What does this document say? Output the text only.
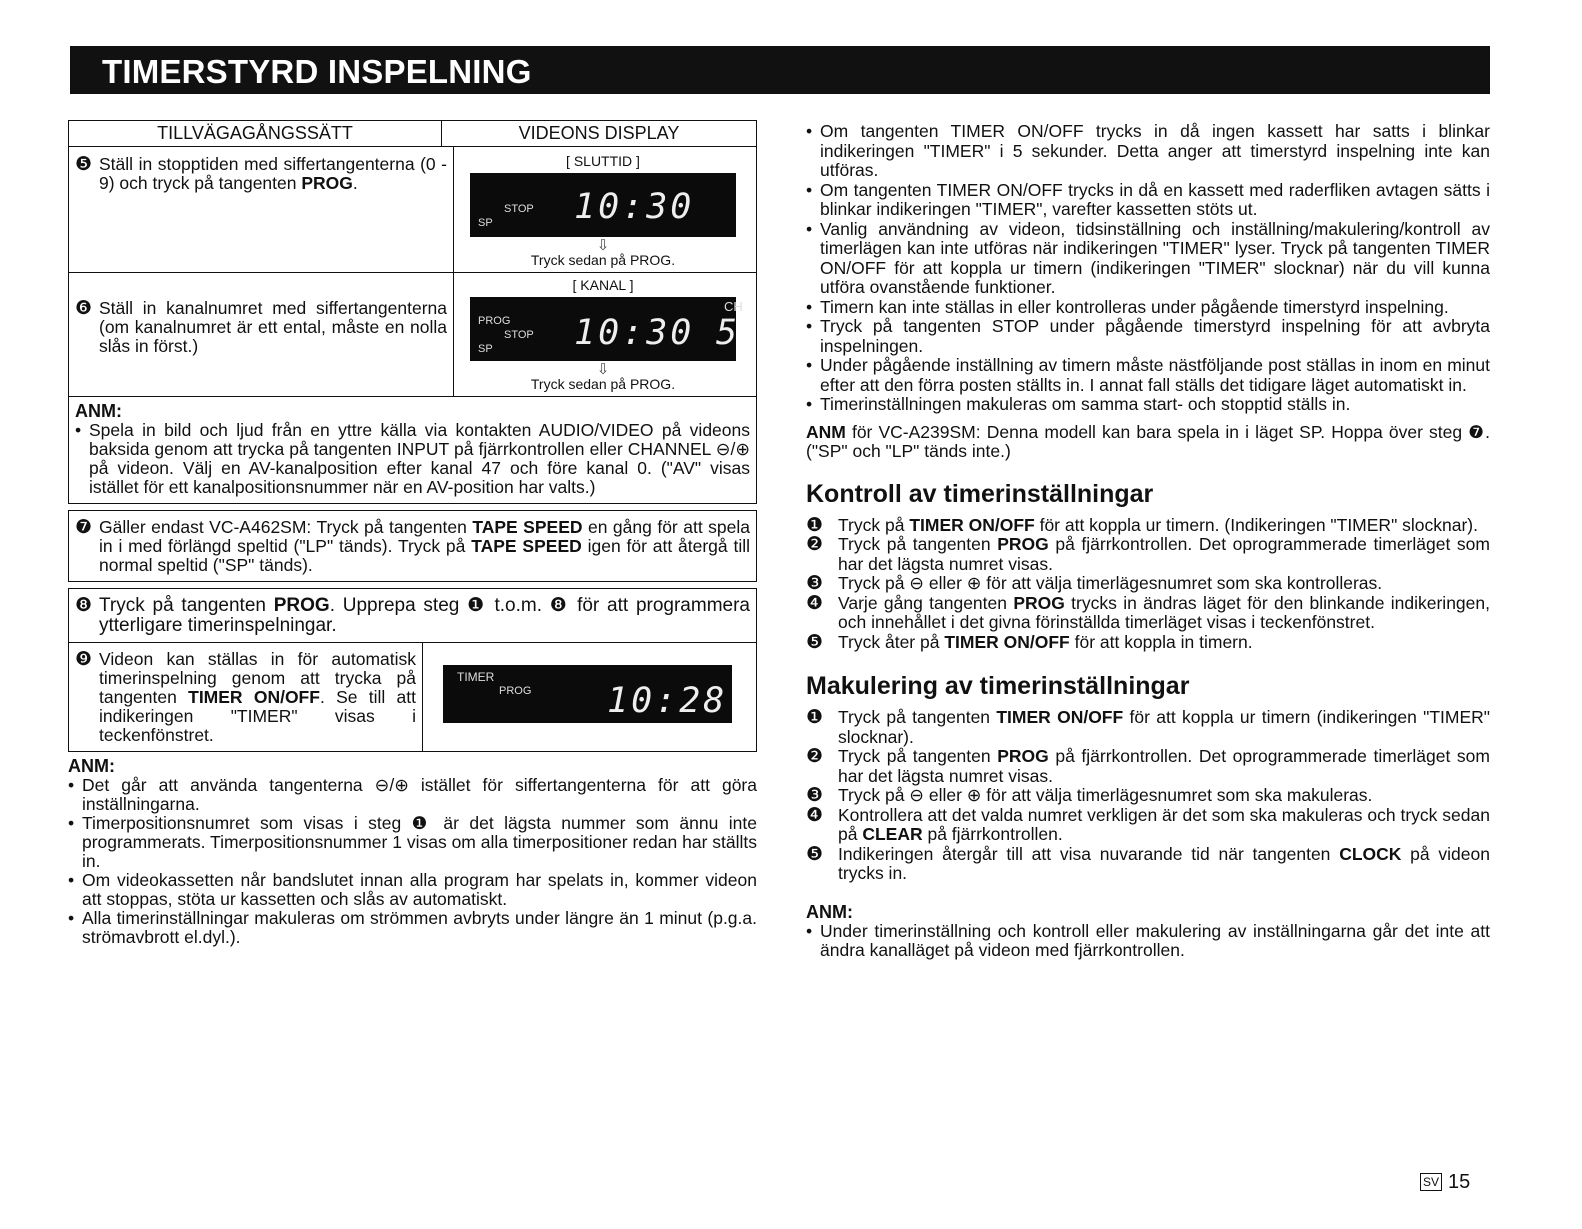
TIMERSTYRD INSPELNING
TILLVÄGAGÅNGSSÄTT	VIDEONS DISPLAY
❺ Ställ in stopptiden med siffertangenterna (0 - 9) och tryck på tangenten PROG.
[ SLUTTID ]
STOP
SP 10:30
⇩
Tryck sedan på PROG.
❻ Ställ in kanalnumret med siffertangenterna (om kanalnumret är ett ental, måste en nolla slås in först.)
[ KANAL ]
PROG
STOP
SP 10:30
CH
5
⇩
Tryck sedan på PROG.
ANM:
• Spela in bild och ljud från en yttre källa via kontakten AUDIO/VIDEO på videons baksida genom att trycka på tangenten INPUT på fjärrkontrollen eller CHANNEL ⊖/⊕ på videon. Välj en AV-kanalposition efter kanal 47 och före kanal 0. ("AV" visas istället för ett kanalpositionsnummer när en AV-position har valts.)
❼ Gäller endast VC-A462SM: Tryck på tangenten TAPE SPEED en gång för att spela in i med förlängd speltid ("LP" tänds). Tryck på TAPE SPEED igen för att återgå till normal speltid ("SP" tänds).
❽ Tryck på tangenten PROG. Upprepa steg ❶ t.o.m. ❽ för att programmera ytterligare timerinspelningar.
❾ Videon kan ställas in för automatisk timerinspelning genom att trycka på tangenten TIMER ON/OFF. Se till att indikeringen "TIMER" visas i teckenfönstret.
TIMER
PROG 10:28
ANM:
• Det går att använda tangenterna ⊖/⊕ istället för siffertangenterna för att göra inställningarna.
• Timerpositionsnumret som visas i steg ❶ är det lägsta nummer som ännu inte programmerats. Timerpositionsnummer 1 visas om alla timerpositioner redan har ställts in.
• Om videokassetten når bandslutet innan alla program har spelats in, kommer videon att stoppas, stöta ur kassetten och slås av automatiskt.
• Alla timerinställningar makuleras om strömmen avbryts under längre än 1 minut (p.g.a. strömavbrott el.dyl.).
• Om tangenten TIMER ON/OFF trycks in då ingen kassett har satts i blinkar indikeringen "TIMER" i 5 sekunder. Detta anger att timerstyrd inspelning inte kan utföras.
• Om tangenten TIMER ON/OFF trycks in då en kassett med raderfliken avtagen sätts i blinkar indikeringen "TIMER", varefter kassetten stöts ut.
• Vanlig användning av videon, tidsinställning och inställning/makulering/kontroll av timerlägen kan inte utföras när indikeringen "TIMER" lyser. Tryck på tangenten TIMER ON/OFF för att koppla ur timern (indikeringen "TIMER" slocknar) när du vill kunna utföra ovanstående funktioner.
• Timern kan inte ställas in eller kontrolleras under pågående timerstyrd inspelning.
• Tryck på tangenten STOP under pågående timerstyrd inspelning för att avbryta inspelningen.
• Under pågående inställning av timern måste nästföljande post ställas in inom en minut efter att den förra posten ställts in. I annat fall ställs det tidigare läget automatiskt in.
• Timerinställningen makuleras om samma start- och stopptid ställs in.
ANM för VC-A239SM: Denna modell kan bara spela in i läget SP. Hoppa över steg ❼. ("SP" och "LP" tänds inte.)
Kontroll av timerinställningar
❶ Tryck på TIMER ON/OFF för att koppla ur timern. (Indikeringen "TIMER" slocknar).
❷ Tryck på tangenten PROG på fjärrkontrollen. Det oprogrammerade timerläget som har det lägsta numret visas.
❸ Tryck på ⊖ eller ⊕ för att välja timerlägesnumret som ska kontrolleras.
❹ Varje gång tangenten PROG trycks in ändras läget för den blinkande indikeringen, och innehållet i det givna förinställda timerläget visas i teckenfönstret.
❺ Tryck åter på TIMER ON/OFF för att koppla in timern.
Makulering av timerinställningar
❶ Tryck på tangenten TIMER ON/OFF för att koppla ur timern (indikeringen "TIMER" slocknar).
❷ Tryck på tangenten PROG på fjärrkontrollen. Det oprogrammerade timerläget som har det lägsta numret visas.
❸ Tryck på ⊖ eller ⊕ för att välja timerlägesnumret som ska makuleras.
❹ Kontrollera att det valda numret verkligen är det som ska makuleras och tryck sedan på CLEAR på fjärrkontrollen.
❺ Indikeringen återgår till att visa nuvarande tid när tangenten CLOCK på videon trycks in.
ANM:
• Under timerinställning och kontroll eller makulering av inställningarna går det inte att ändra kanalläget på videon med fjärrkontrollen.
SV 15
